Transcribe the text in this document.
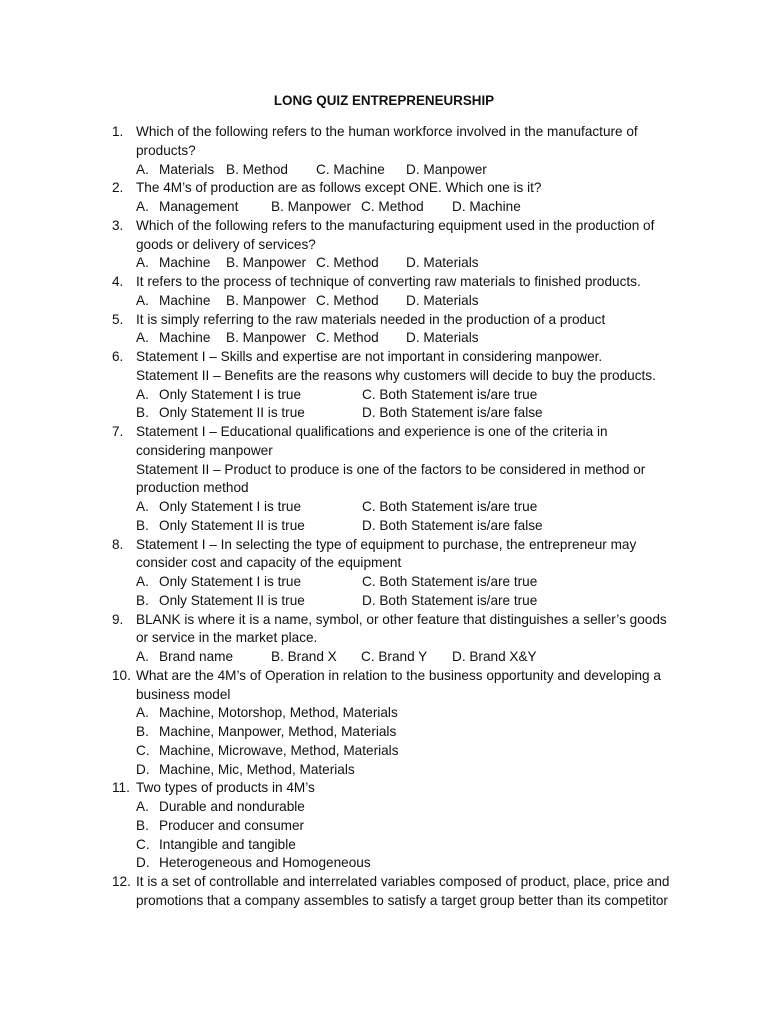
LONG QUIZ ENTREPRENEURSHIP
1. Which of the following refers to the human workforce involved in the manufacture of
products?
A. Materials B. Method C. Machine D. Manpower
2. The 4M’s of production are as follows except ONE. Which one is it?
A. Management B. Manpower C. Method D. Machine
3. Which of the following refers to the manufacturing equipment used in the production of
goods or delivery of services?
A. Machine B. Manpower C. Method D. Materials
4. It refers to the process of technique of converting raw materials to finished products.
A. Machine B. Manpower C. Method D. Materials
5. It is simply referring to the raw materials needed in the production of a product
A. Machine B. Manpower C. Method D. Materials
6. Statement I – Skills and expertise are not important in considering manpower.
Statement II – Benefits are the reasons why customers will decide to buy the products.
A. Only Statement I is true	C. Both Statement is/are true
B. Only Statement II is true	D. Both Statement is/are false
7. Statement I – Educational qualifications and experience is one of the criteria in
considering manpower
Statement II – Product to produce is one of the factors to be considered in method or
production method
A. Only Statement I is true	C. Both Statement is/are true
B. Only Statement II is true	D. Both Statement is/are false
8. Statement I – In selecting the type of equipment to purchase, the entrepreneur may
consider cost and capacity of the equipment
A. Only Statement I is true	C. Both Statement is/are true
B. Only Statement II is true	D. Both Statement is/are true
9. BLANK is where it is a name, symbol, or other feature that distinguishes a seller’s goods
or service in the market place.
A. Brand name	B. Brand X C. Brand Y D. Brand X&Y
10. What are the 4M’s of Operation in relation to the business opportunity and developing a
business model
A. Machine, Motorshop, Method, Materials
B. Machine, Manpower, Method, Materials
C. Machine, Microwave, Method, Materials
D. Machine, Mic, Method, Materials
11. Two types of products in 4M’s
A. Durable and nondurable
B. Producer and consumer
C. Intangible and tangible
D. Heterogeneous and Homogeneous
12. It is a set of controllable and interrelated variables composed of product, place, price and
promotions that a company assembles to satisfy a target group better than its competitor
